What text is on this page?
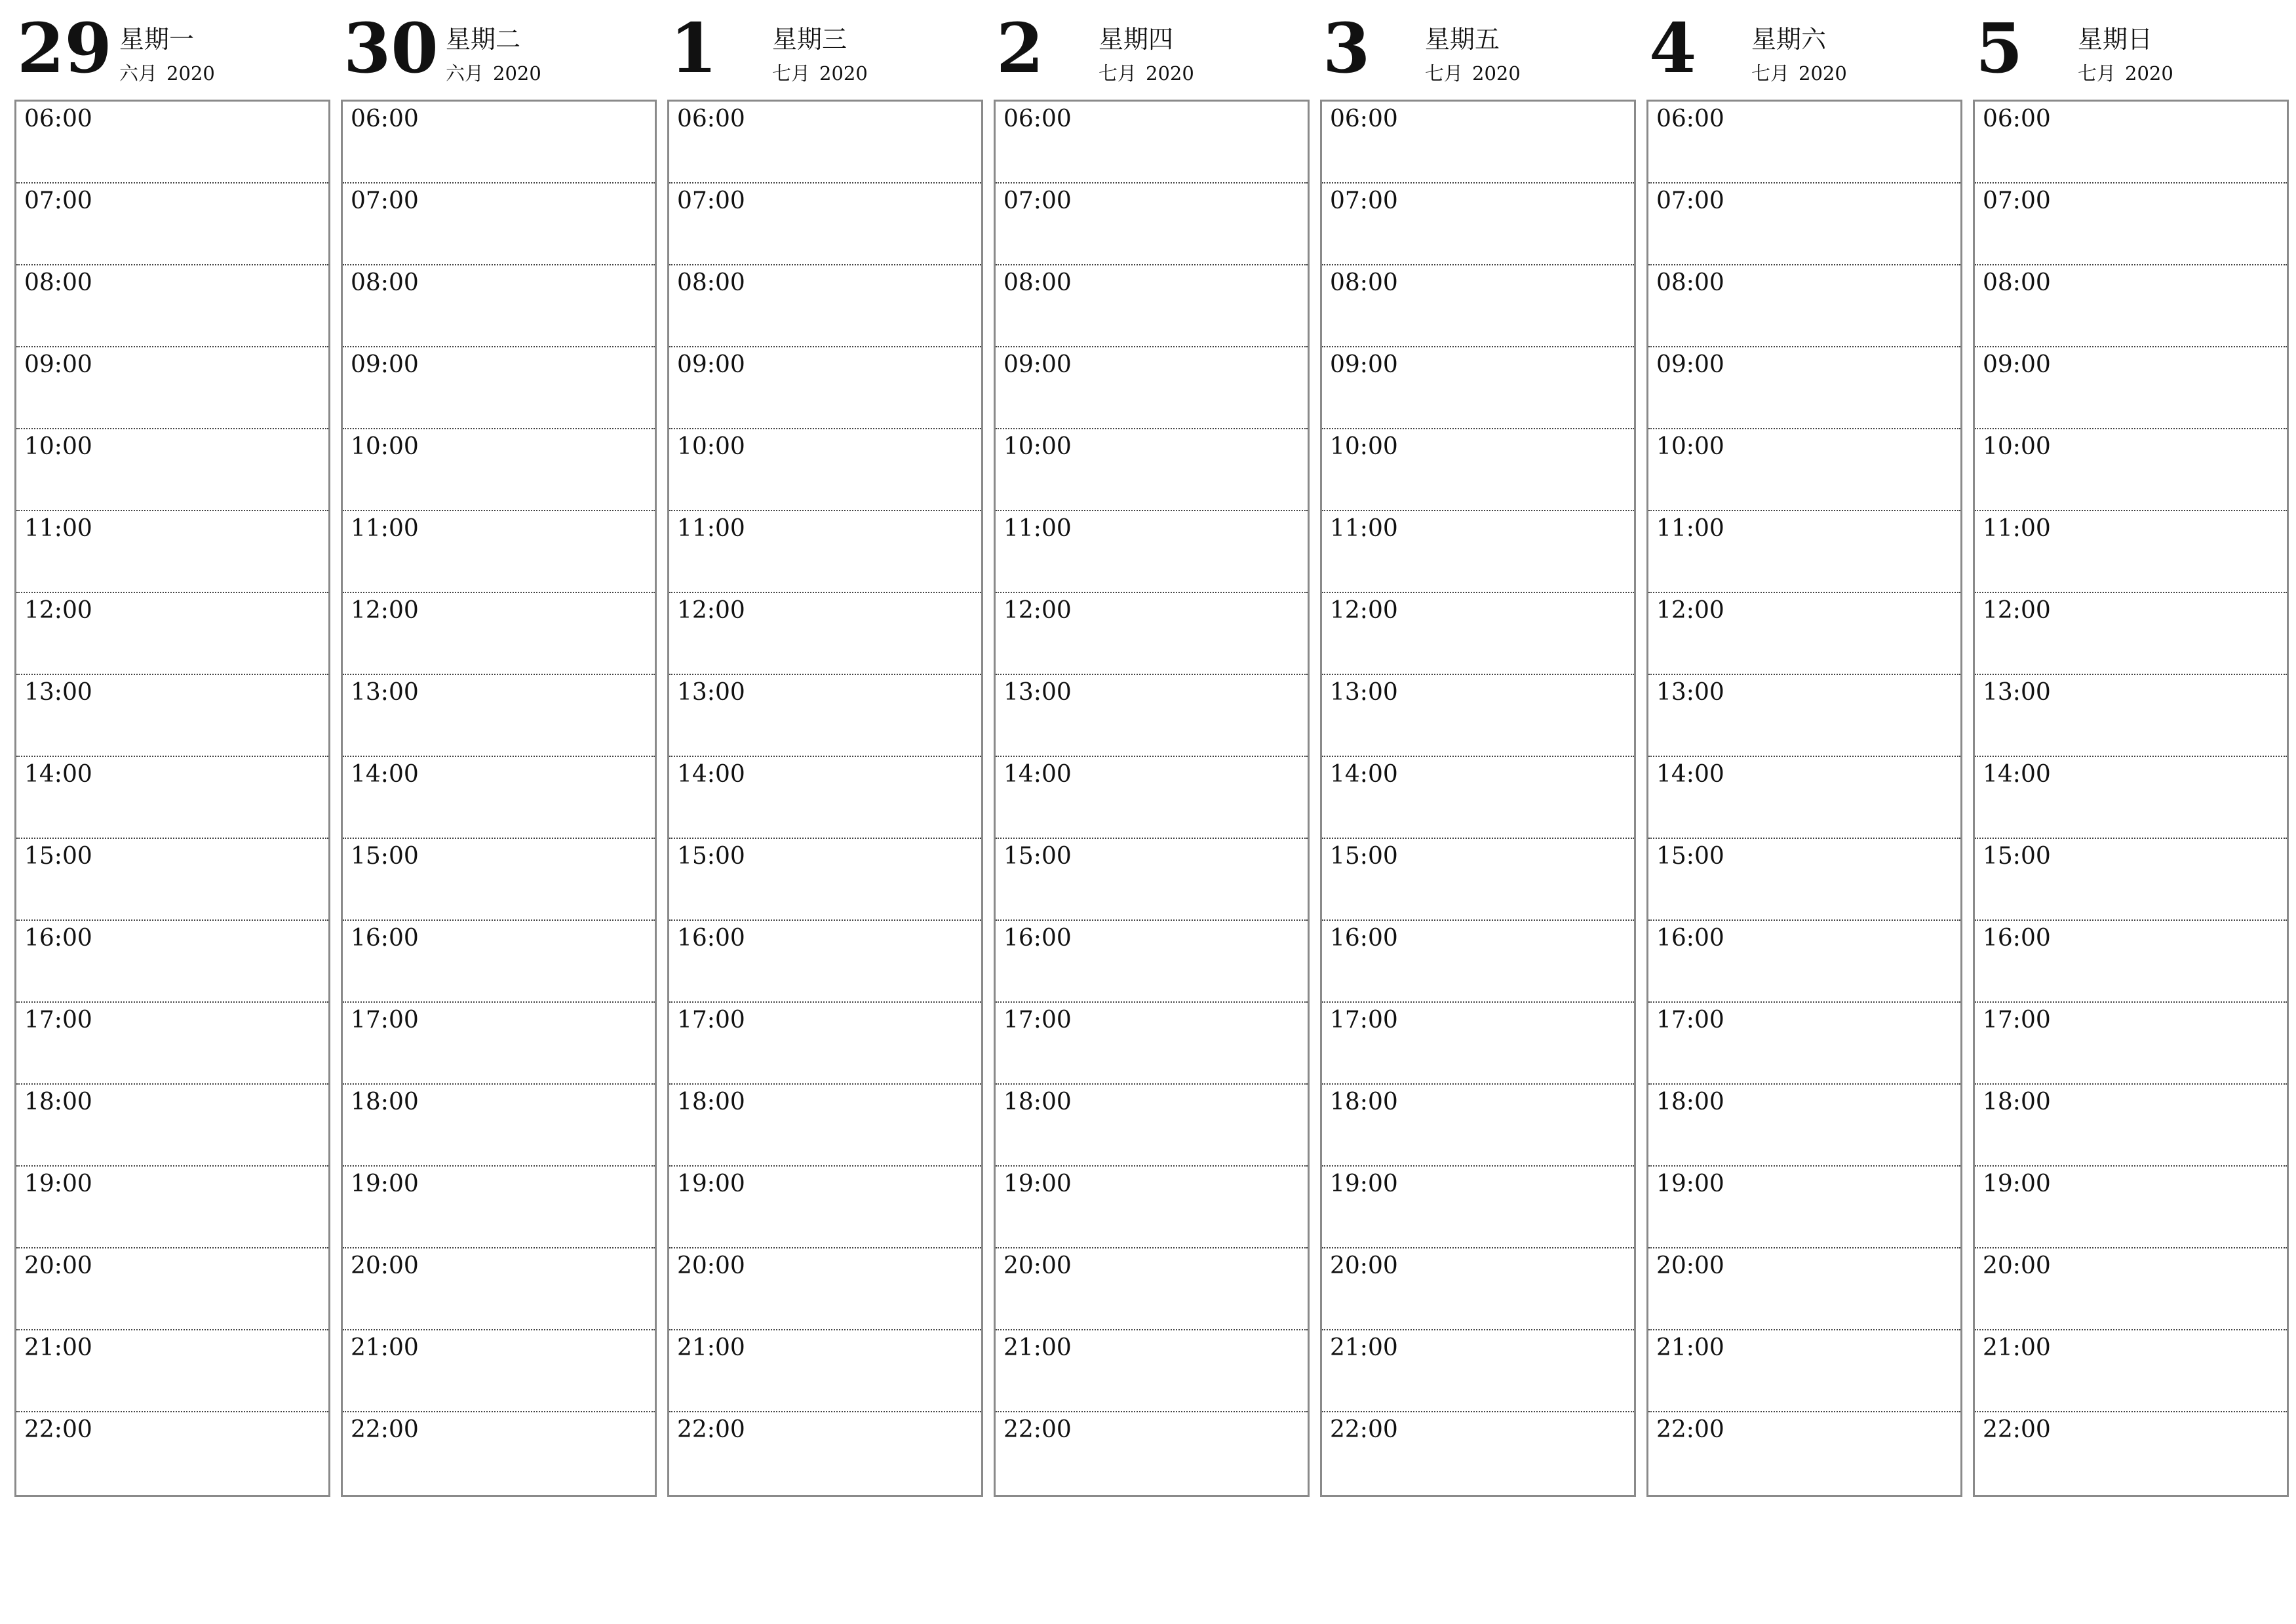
29 星期一
六月 2020
06:00
07:00
08:00
09:00
10:00
11:00
12:00
13:00
14:00
15:00
16:00
17:00
18:00
19:00
20:00
21:00
22:00
30 星期二
六月 2020
06:00
07:00
08:00
09:00
10:00
11:00
12:00
13:00
14:00
15:00
16:00
17:00
18:00
19:00
20:00
21:00
22:00
1 星期三
七月 2020
06:00
07:00
08:00
09:00
10:00
11:00
12:00
13:00
14:00
15:00
16:00
17:00
18:00
19:00
20:00
21:00
22:00
2 星期四
七月 2020
06:00
07:00
08:00
09:00
10:00
11:00
12:00
13:00
14:00
15:00
16:00
17:00
18:00
19:00
20:00
21:00
22:00
3 星期五
七月 2020
06:00
07:00
08:00
09:00
10:00
11:00
12:00
13:00
14:00
15:00
16:00
17:00
18:00
19:00
20:00
21:00
22:00
4 星期六
七月 2020
06:00
07:00
08:00
09:00
10:00
11:00
12:00
13:00
14:00
15:00
16:00
17:00
18:00
19:00
20:00
21:00
22:00
5 星期日
七月 2020
06:00
07:00
08:00
09:00
10:00
11:00
12:00
13:00
14:00
15:00
16:00
17:00
18:00
19:00
20:00
21:00
22:00
